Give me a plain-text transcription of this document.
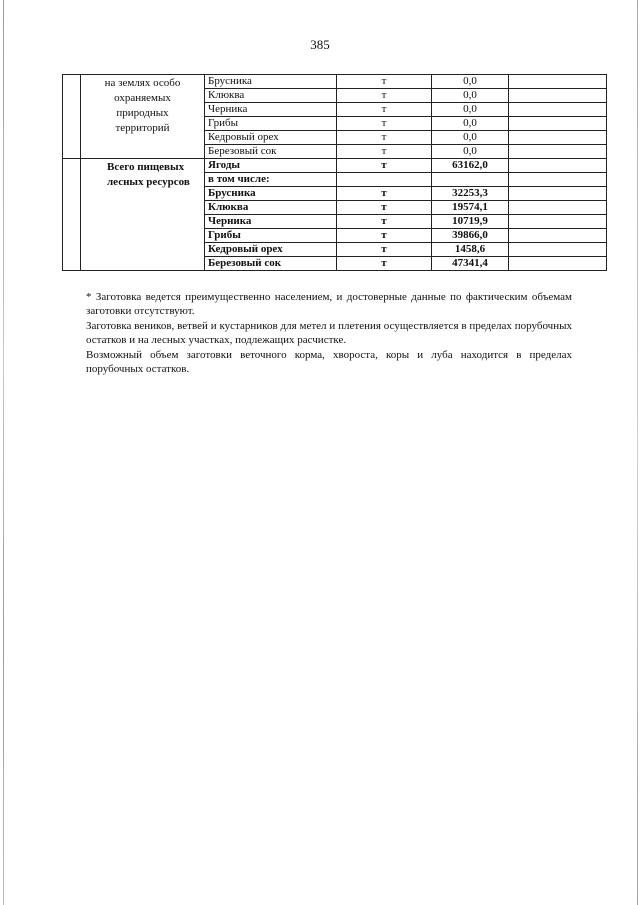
385

	на землях особо
охраняемых
природных
территорий	Брусника	т	0,0	
		Клюква	т	0,0	
		Черника	т	0,0	
		Грибы	т	0,0	
		Кедровый орех	т	0,0	
		Березовый сок	т	0,0	

	Всего пищевых
лесных ресурсов	Ягоды	т	63162,0	
		в том числе:			
		Брусника	т	32253,3	
		Клюква	т	19574,1	
		Черника	т	10719,9	
		Грибы	т	39866,0	
		Кедровый орех	т	1458,6	
		Березовый сок	т	47341,4	

* Заготовка ведется преимущественно населением, и достоверные данные по фактическим объемам заготовки отсутствуют.

Заготовка веников, ветвей и кустарников для метел и плетения осуществляется в пределах порубочных остатков и на лесных участках, подлежащих расчистке.

Возможный объем заготовки веточного корма, хвороста, коры и луба находится в пределах порубочных остатков.
